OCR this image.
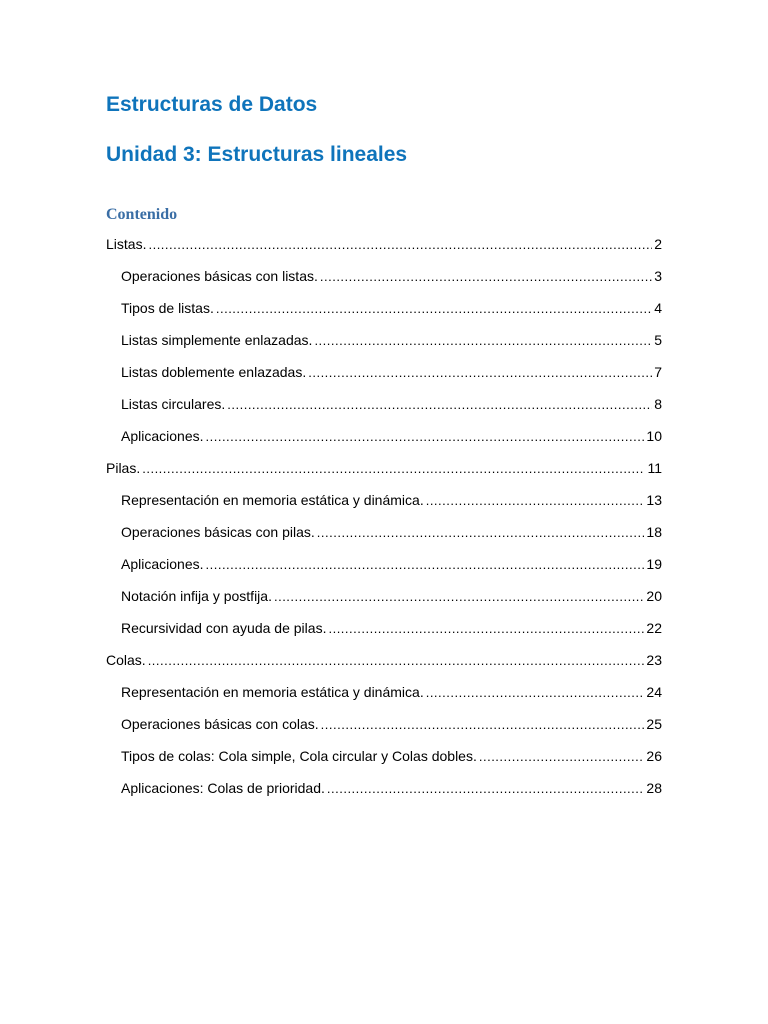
Estructuras de Datos
Unidad 3: Estructuras lineales
Contenido
Listas. .....	2
Operaciones básicas con listas. .....	3
Tipos de listas. .....	4
Listas simplemente enlazadas. .....	5
Listas doblemente enlazadas. .....	7
Listas circulares. .....	8
Aplicaciones. .....	10
Pilas. .....	11
Representación en memoria estática y dinámica. .....	13
Operaciones básicas con pilas. .....	18
Aplicaciones. .....	19
Notación infija y postfija. .....	20
Recursividad con ayuda de pilas. .....	22
Colas. .....	23
Representación en memoria estática y dinámica. .....	24
Operaciones básicas con colas. .....	25
Tipos de colas: Cola simple, Cola circular y Colas dobles. .....	26
Aplicaciones: Colas de prioridad. .....	28
